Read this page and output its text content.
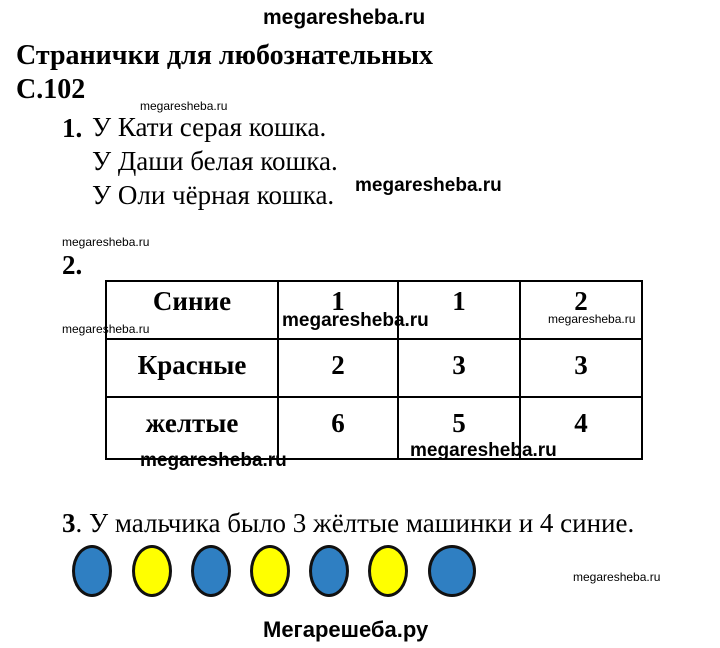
megaresheba.ru
Странички для любознательных
С.102
megaresheba.ru
1. У Кати серая кошка.
У Даши белая кошка.
У Оли чёрная кошка. megaresheba.ru
megaresheba.ru
2.
Синие	1	1	2
Красные	2	3	3
желтые	6	5	4
megaresheba.ru	megaresheba.ru	megaresheba.ru
megaresheba.ru	megaresheba.ru
3. У мальчика было 3 жёлтые машинки и 4 синие.
megaresheba.ru
Мегарешеба.ру
